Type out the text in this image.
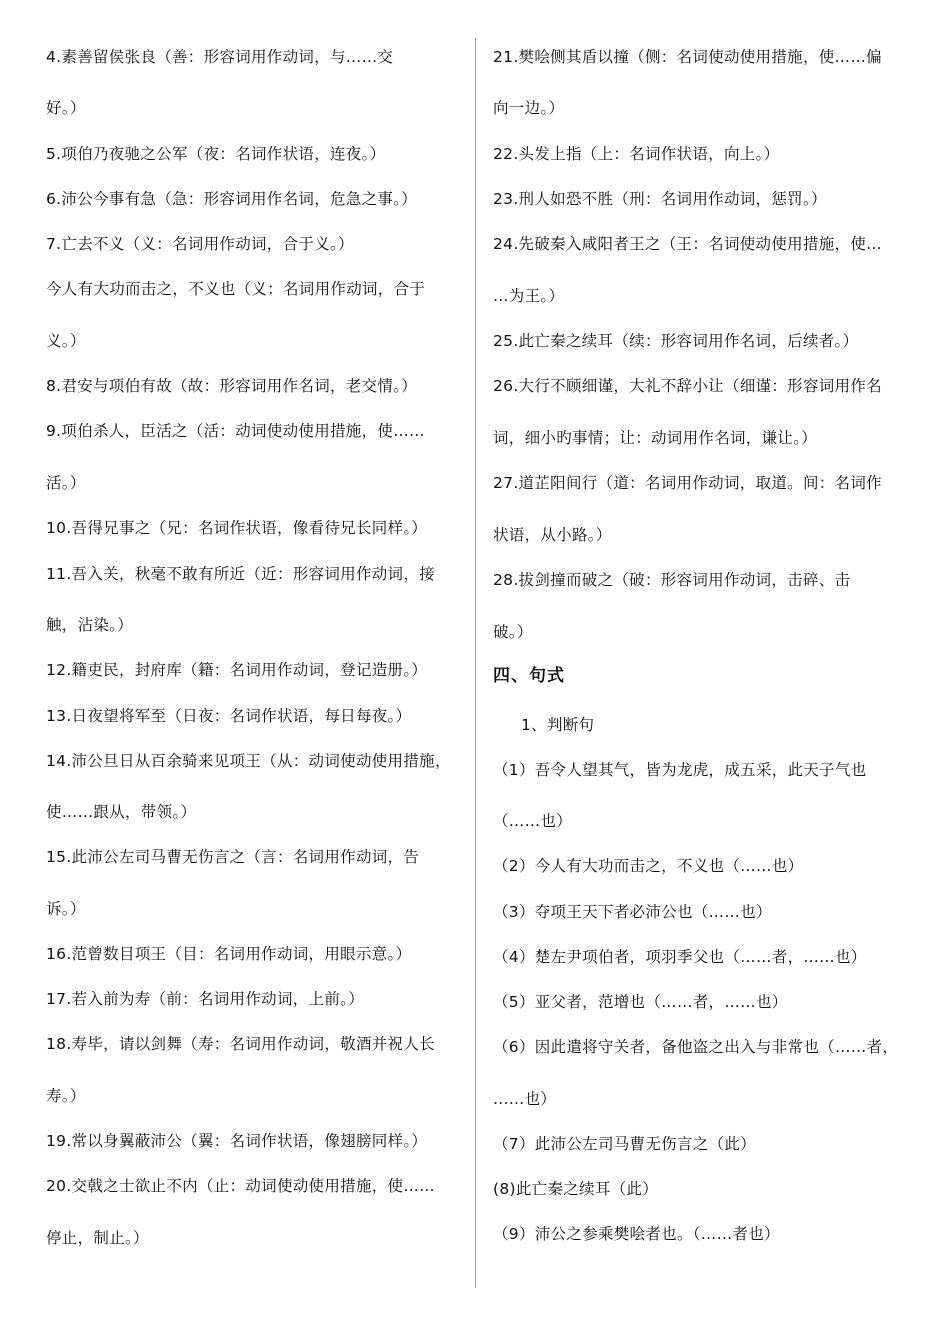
4.素善留侯张良（善：形容词用作动词，与……交
好。）
5.项伯乃夜驰之公军（夜：名词作状语，连夜。）
6.沛公今事有急（急：形容词用作名词，危急之事。）
7.亡去不义（义：名词用作动词，合于义。）
今人有大功而击之，不义也（义：名词用作动词，合于
义。）
8.君安与项伯有故（故：形容词用作名词，老交情。）
9.项伯杀人，臣活之（活：动词使动使用措施，使……
活。）
10.吾得兄事之（兄：名词作状语，像看待兄长同样。）
11.吾入关，秋毫不敢有所近（近：形容词用作动词，接
触，沾染。）
12.籍吏民，封府库（籍：名词用作动词，登记造册。）
13.日夜望将军至（日夜：名词作状语，每日每夜。）
14.沛公旦日从百余骑来见项王（从：动词使动使用措施，
使……跟从，带领。）
15.此沛公左司马曹无伤言之（言：名词用作动词，告
诉。）
16.范曾数目项王（目：名词用作动词，用眼示意。）
17.若入前为寿（前：名词用作动词，上前。）
18.寿毕，请以剑舞（寿：名词用作动词，敬酒并祝人长
寿。）
19.常以身翼蔽沛公（翼：名词作状语，像翅膀同样。）
20.交戟之士欲止不内（止：动词使动使用措施，使……
停止，制止。）
21.樊哙侧其盾以撞（侧：名词使动使用措施，使……偏
向一边。）
22.头发上指（上：名词作状语，向上。）
23.刑人如恐不胜（刑：名词用作动词，惩罚。）
24.先破秦入咸阳者王之（王：名词使动使用措施，使…
…为王。）
25.此亡秦之续耳（续：形容词用作名词，后续者。）
26.大行不顾细谨，大礼不辞小让（细谨：形容词用作名
词，细小旳事情；让：动词用作名词，谦让。）
27.道芷阳间行（道：名词用作动词，取道。间：名词作
状语，从小路。）
28.拔剑撞而破之（破：形容词用作动词，击碎、击
破。）
四、句式
1、判断句
（1）吾令人望其气，皆为龙虎，成五采，此天子气也
（……也）
（2）今人有大功而击之，不义也（……也）
（3）夺项王天下者必沛公也（……也）
（4）楚左尹项伯者，项羽季父也（……者，……也）
（5）亚父者，范增也（……者，……也）
（6）因此遣将守关者，备他盗之出入与非常也（……者，
……也）
（7）此沛公左司马曹无伤言之（此）
(8)此亡秦之续耳（此）
（9）沛公之参乘樊哙者也。（……者也）
